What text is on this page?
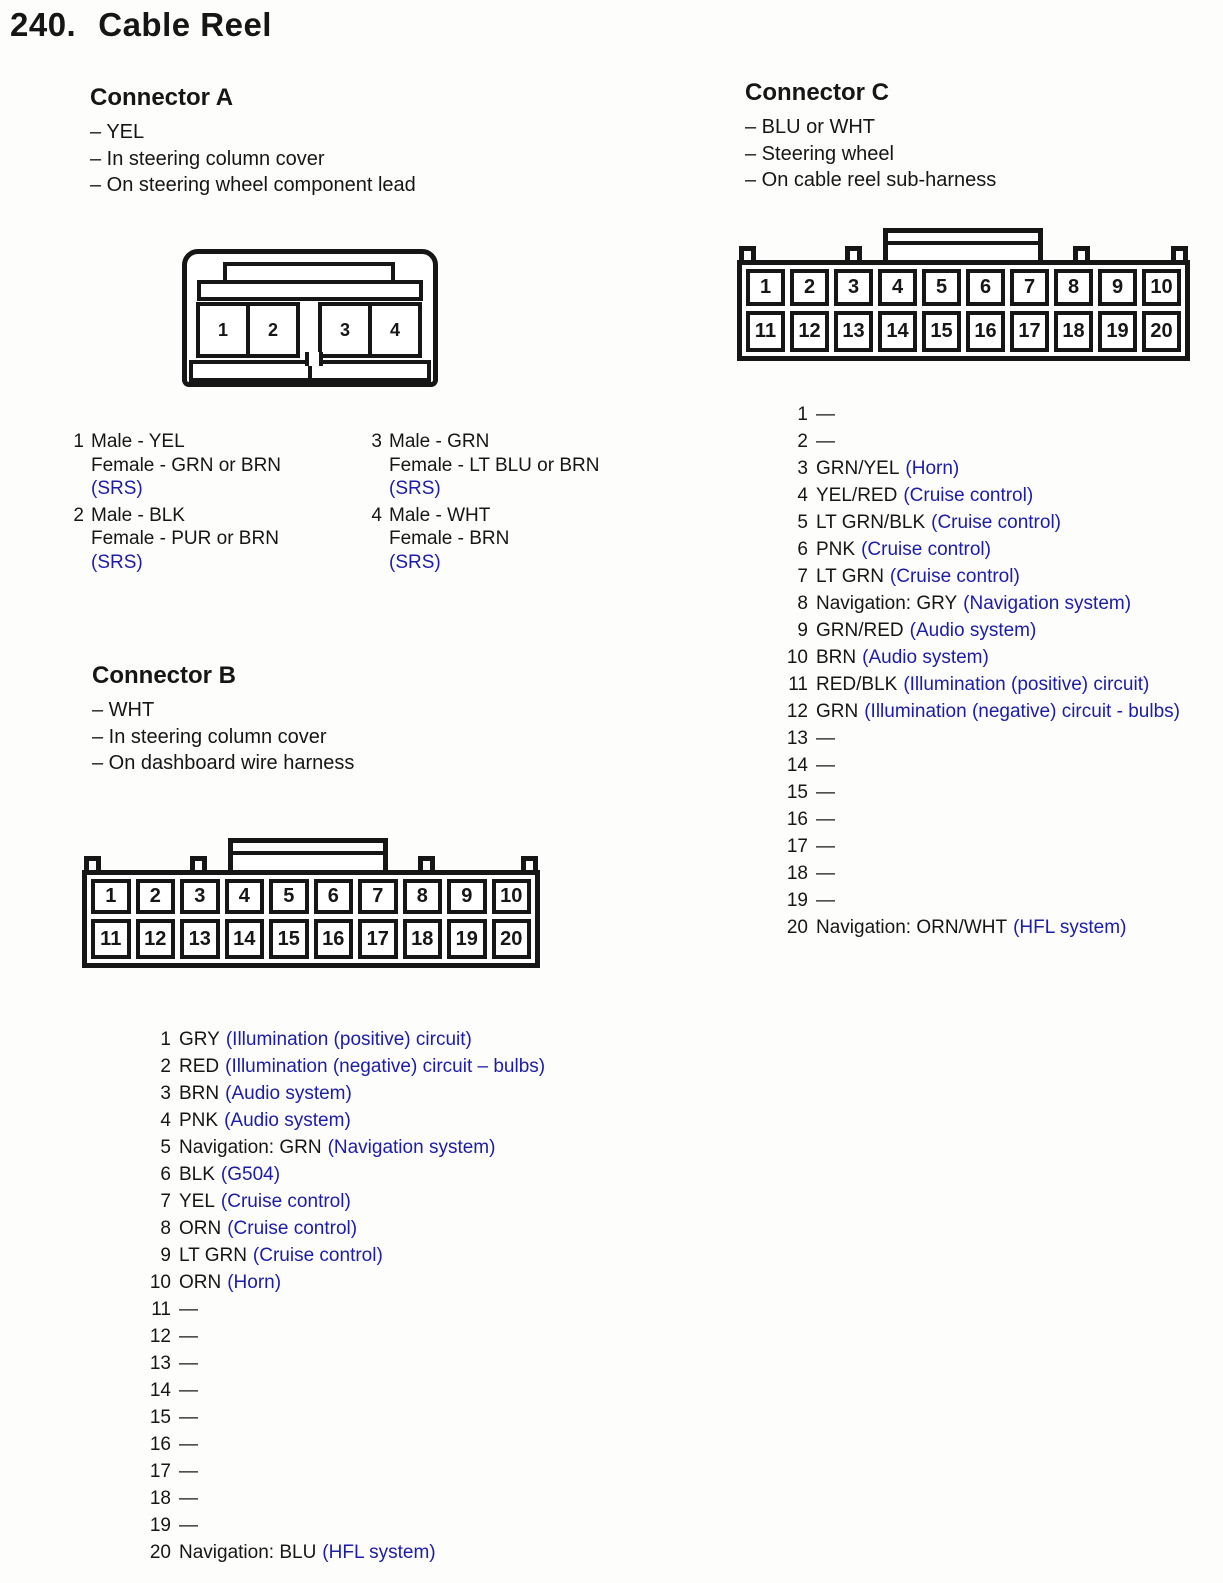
240. Cable Reel
Connector A
– YEL
– In steering column cover
– On steering wheel component lead
1	2	3	4
1 Male - YEL
Female - GRN or BRN
(SRS)
3 Male - GRN
Female - LT BLU or BRN
(SRS)
2 Male - BLK
Female - PUR or BRN
(SRS)
4 Male - WHT
Female - BRN
(SRS)
Connector B
– WHT
– In steering column cover
– On dashboard wire harness
1	2	3	4	5	6	7	8	9	10
11	12	13	14	15	16	17	18	19	20
1 GRY (Illumination (positive) circuit)
2 RED (Illumination (negative) circuit – bulbs)
3 BRN (Audio system)
4 PNK (Audio system)
5 Navigation: GRN (Navigation system)
6 BLK (G504)
7 YEL (Cruise control)
8 ORN (Cruise control)
9 LT GRN (Cruise control)
10 ORN (Horn)
11 —
12 —
13 —
14 —
15 —
16 —
17 —
18 —
19 —
20 Navigation: BLU (HFL system)
Connector C
– BLU or WHT
– Steering wheel
– On cable reel sub-harness
1	2	3	4	5	6	7	8	9	10
11	12	13	14	15	16	17	18	19	20
1 —
2 —
3 GRN/YEL (Horn)
4 YEL/RED (Cruise control)
5 LT GRN/BLK (Cruise control)
6 PNK (Cruise control)
7 LT GRN (Cruise control)
8 Navigation: GRY (Navigation system)
9 GRN/RED (Audio system)
10 BRN (Audio system)
11 RED/BLK (Illumination (positive) circuit)
12 GRN (Illumination (negative) circuit - bulbs)
13 —
14 —
15 —
16 —
17 —
18 —
19 —
20 Navigation: ORN/WHT (HFL system)
